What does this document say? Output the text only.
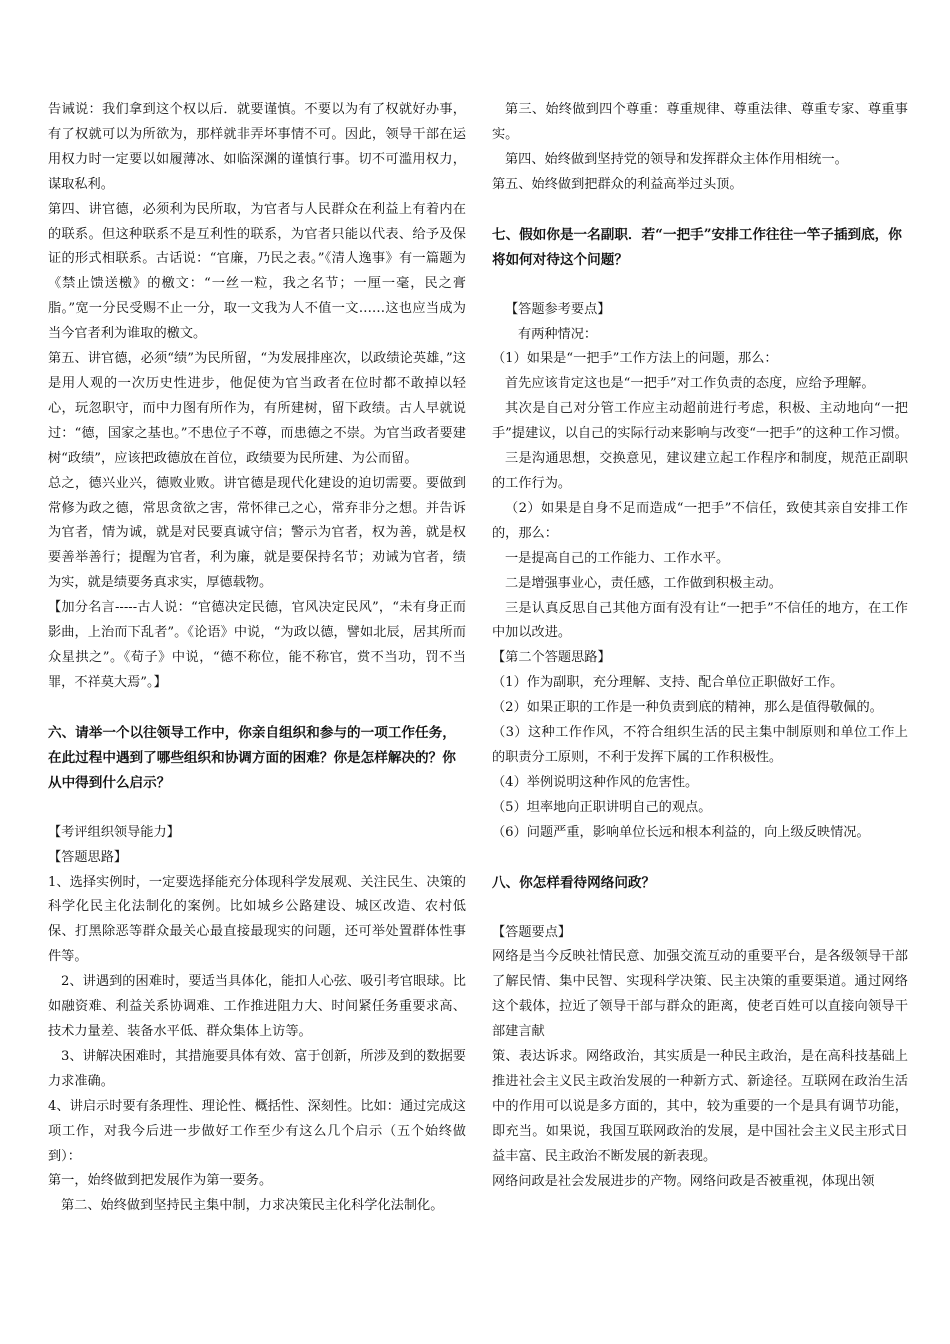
告诫说：我们拿到这个权以后．就要谨慎。不要以为有了权就好办事，有了权就可以为所欲为，那样就非弄坏事情不可。因此，领导干部在运用权力时一定要以如履薄冰、如临深渊的谨慎行事。切不可滥用权力，谋取私利。

第四、讲官德，必须利为民所取，为官者与人民群众在利益上有着内在的联系。但这种联系不是互利性的联系，为官者只能以代表、给予及保证的形式相联系。古话说：“官廉，乃民之表。”《清人逸事》有一篇题为《禁止馈送檄》的檄文：“一丝一粒，我之名节；一厘一毫，民之膏脂。”宽一分民受赐不止一分，取一文我为人不值一文……这也应当成为当今官者利为谁取的檄文。

第五、讲官德，必须“绩”为民所留，“为发展排座次，以政绩论英雄，”这是用人观的一次历史性进步，他促使为官当政者在位时都不敢掉以轻心，玩忽职守，而中力图有所作为，有所建树，留下政绩。古人早就说过：“德，国家之基也。”不患位子不尊，而患德之不崇。为官当政者要建树“政绩”，应该把政德放在首位，政绩要为民所建、为公而留。

总之，德兴业兴，德败业败。讲官德是现代化建设的迫切需要。要做到常修为政之德，常思贪欲之害，常怀律己之心，常弃非分之想。并告诉为官者，情为诚，就是对民要真诚守信；警示为官者，权为善，就是权要善举善行；提醒为官者，利为廉，就是要保持名节；劝诫为官者，绩为实，就是绩要务真求实，厚德载物。

【加分名言-----古人说：“官德决定民德，官风决定民风”，“未有身正而影曲，上治而下乱者”。《论语》中说，“为政以德，譬如北辰，居其所而众星拱之”。《荀子》中说，“德不称位，能不称官，赏不当功，罚不当罪，不祥莫大焉”。】

六、请举一个以往领导工作中，你亲自组织和参与的一项工作任务，在此过程中遇到了哪些组织和协调方面的困难？你是怎样解决的？你从中得到什么启示？

【考评组织领导能力】

【答题思路】

1、选择实例时，一定要选择能充分体现科学发展观、关注民生、决策的科学化民主化法制化的案例。比如城乡公路建设、城区改造、农村低保、打黑除恶等群众最关心最直接最现实的问题，还可举处置群体性事件等。

2、讲遇到的困难时，要适当具体化，能扣人心弦、吸引考官眼球。比如融资难、利益关系协调难、工作推进阻力大、时间紧任务重要求高、技术力量差、装备水平低、群众集体上访等。

3、讲解决困难时，其措施要具体有效、富于创新，所涉及到的数据要力求准确。

4、讲启示时要有条理性、理论性、概括性、深刻性。比如：通过完成这项工作，对我今后进一步做好工作至少有这么几个启示（五个始终做到）：

第一，始终做到把发展作为第一要务。

第二、始终做到坚持民主集中制，力求决策民主化科学化法制化。

第三、始终做到四个尊重：尊重规律、尊重法律、尊重专家、尊重事实。

第四、始终做到坚持党的领导和发挥群众主体作用相统一。

第五、始终做到把群众的利益高举过头顶。

七、假如你是一名副职．若“一把手”安排工作往往一竿子插到底，你将如何对待这个问题？

【答题参考要点】

有两种情况：

（1）如果是“一把手”工作方法上的问题，那么：

首先应该肯定这也是“一把手”对工作负责的态度，应给予理解。

其次是自己对分管工作应主动超前进行考虑，积极、主动地向“一把手”提建议，以自己的实际行动来影响与改变“一把手”的这种工作习惯。

三是沟通思想，交换意见，建议建立起工作程序和制度，规范正副职的工作行为。

（2）如果是自身不足而造成“一把手”不信任，致使其亲自安排工作的，那么：

一是提高自己的工作能力、工作水平。

二是增强事业心，责任感，工作做到积极主动。

三是认真反思自己其他方面有没有让“一把手”不信任的地方，在工作中加以改进。

【第二个答题思路】

（1）作为副职，充分理解、支持、配合单位正职做好工作。

（2）如果正职的工作是一种负责到底的精神，那么是值得敬佩的。

（3）这种工作作风，不符合组织生活的民主集中制原则和单位工作上的职责分工原则，不利于发挥下属的工作积极性。

（4）举例说明这种作风的危害性。

（5）坦率地向正职讲明自己的观点。

（6）问题严重，影响单位长远和根本利益的，向上级反映情况。

八、你怎样看待网络问政？

【答题要点】

网络是当今反映社情民意、加强交流互动的重要平台，是各级领导干部了解民情、集中民智、实现科学决策、民主决策的重要渠道。通过网络这个载体，拉近了领导干部与群众的距离，使老百姓可以直接向领导干部建言献

策、表达诉求。网络政治，其实质是一种民主政治，是在高科技基础上推进社会主义民主政治发展的一种新方式、新途径。互联网在政治生活中的作用可以说是多方面的，其中，较为重要的一个是具有调节功能，即充当。如果说，我国互联网政治的发展，是中国社会主义民主形式日益丰富、民主政治不断发展的新表现。

网络问政是社会发展进步的产物。网络问政是否被重视，体现出领
